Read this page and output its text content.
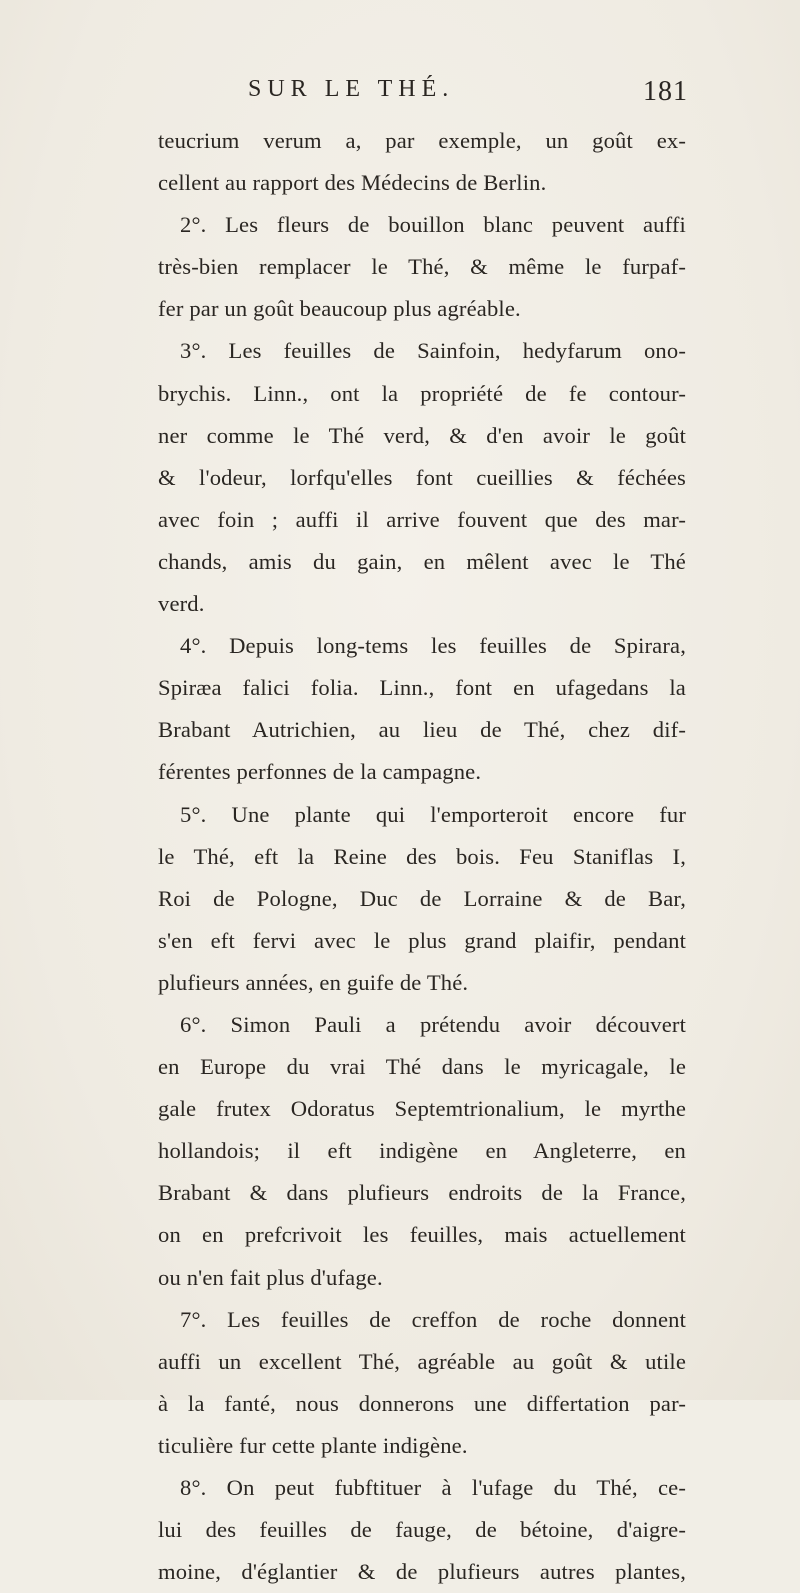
SUR LE THÉ.	181
teucrium verum a, par exemple, un goût ex-
cellent au rapport des Médecins de Berlin.
2°. Les fleurs de bouillon blanc peuvent auffi
très-bien remplacer le Thé, & même le furpaf-
fer par un goût beaucoup plus agréable.
3°. Les feuilles de Sainfoin, hedyfarum ono-
brychis. Linn., ont la propriété de fe contour-
ner comme le Thé verd, & d'en avoir le goût
& l'odeur, lorfqu'elles font cueillies & féchées
avec foin ; auffi il arrive fouvent que des mar-
chands, amis du gain, en mêlent avec le Thé
verd.
4°. Depuis long-tems les feuilles de Spirara,
Spiræa falici folia. Linn., font en ufagedans la
Brabant Autrichien, au lieu de Thé, chez dif-
férentes perfonnes de la campagne.
5°. Une plante qui l'emporteroit encore fur
le Thé, eft la Reine des bois. Feu Staniflas I,
Roi de Pologne, Duc de Lorraine & de Bar,
s'en eft fervi avec le plus grand plaifir, pendant
plufieurs années, en guife de Thé.
6°. Simon Pauli a prétendu avoir découvert
en Europe du vrai Thé dans le myricagale, le
gale frutex Odoratus Septemtrionalium, le myrthe
hollandois; il eft indigène en Angleterre, en
Brabant & dans plufieurs endroits de la France,
on en prefcrivoit les feuilles, mais actuellement
ou n'en fait plus d'ufage.
7°. Les feuilles de creffon de roche donnent
auffi un excellent Thé, agréable au goût & utile
à la fanté, nous donnerons une differtation par-
ticulière fur cette plante indigène.
8°. On peut fubftituer à l'ufage du Thé, ce-
lui des feuilles de fauge, de bétoine, d'aigre-
moine, d'églantier & de plufieurs autres plantes,
